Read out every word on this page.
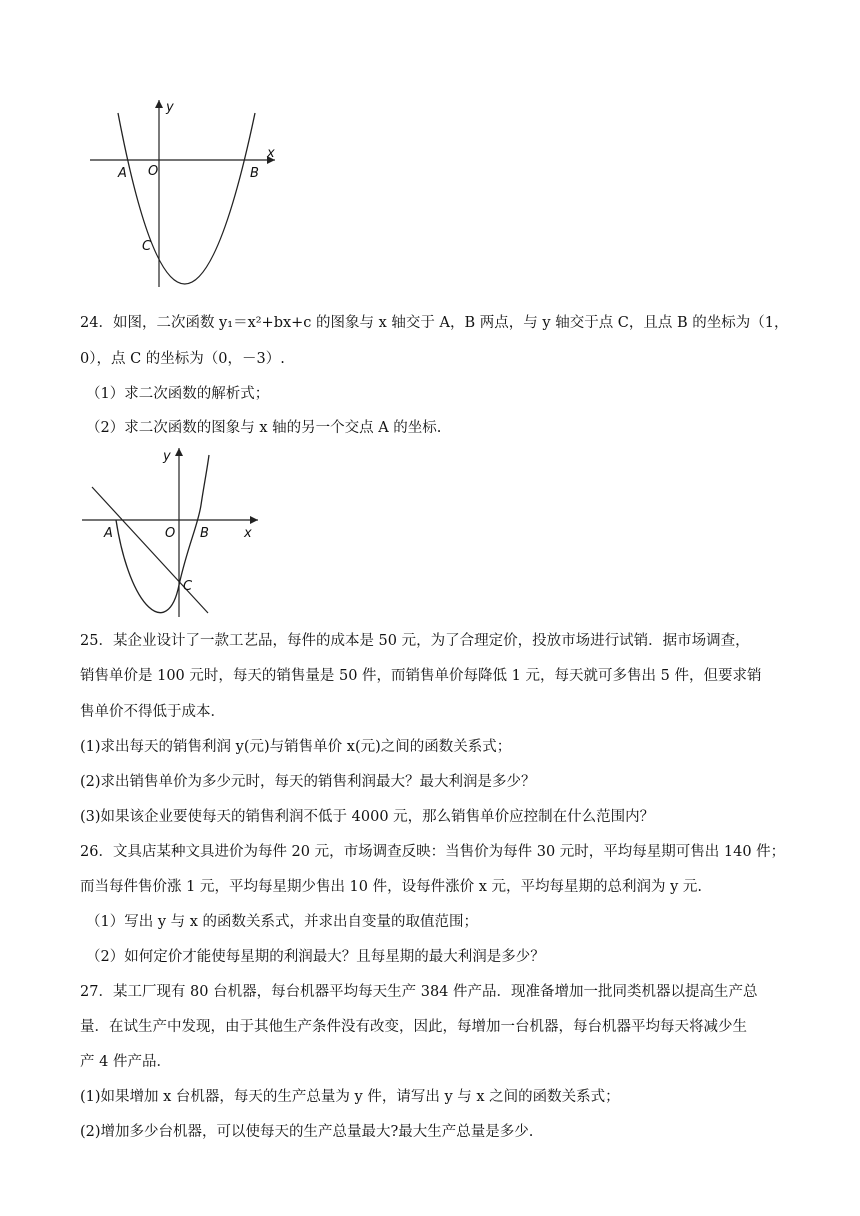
y
x
A O	B
C
24．如图，二次函数 y₁＝x²+bx+c 的图象与 x 轴交于 A，B 两点，与 y 轴交于点 C，且点 B 的坐标为（1，
0），点 C 的坐标为（0，－3）.
（1）求二次函数的解析式；
（2）求二次函数的图象与 x 轴的另一个交点 A 的坐标.
y
x
A	O B
C
25．某企业设计了一款工艺品，每件的成本是 50 元，为了合理定价，投放市场进行试销．据市场调查，
销售单价是 100 元时，每天的销售量是 50 件，而销售单价每降低 1 元，每天就可多售出 5 件，但要求销
售单价不得低于成本．
(1)求出每天的销售利润 y(元)与销售单价 x(元)之间的函数关系式；
(2)求出销售单价为多少元时，每天的销售利润最大？最大利润是多少？
(3)如果该企业要使每天的销售利润不低于 4000 元，那么销售单价应控制在什么范围内？
26．文具店某种文具进价为每件 20 元，市场调查反映：当售价为每件 30 元时，平均每星期可售出 140 件；
而当每件售价涨 1 元，平均每星期少售出 10 件，设每件涨价 x 元，平均每星期的总利润为 y 元.
（1）写出 y 与 x 的函数关系式，并求出自变量的取值范围；
（2）如何定价才能使每星期的利润最大？且每星期的最大利润是多少？
27．某工厂现有 80 台机器，每台机器平均每天生产 384 件产品．现准备增加一批同类机器以提高生产总
量．在试生产中发现，由于其他生产条件没有改变，因此，每增加一台机器，每台机器平均每天将减少生
产 4 件产品．
(1)如果增加 x 台机器，每天的生产总量为 y 件，请写出 y 与 x 之间的函数关系式；
(2)增加多少台机器，可以使每天的生产总量最大?最大生产总量是多少.
